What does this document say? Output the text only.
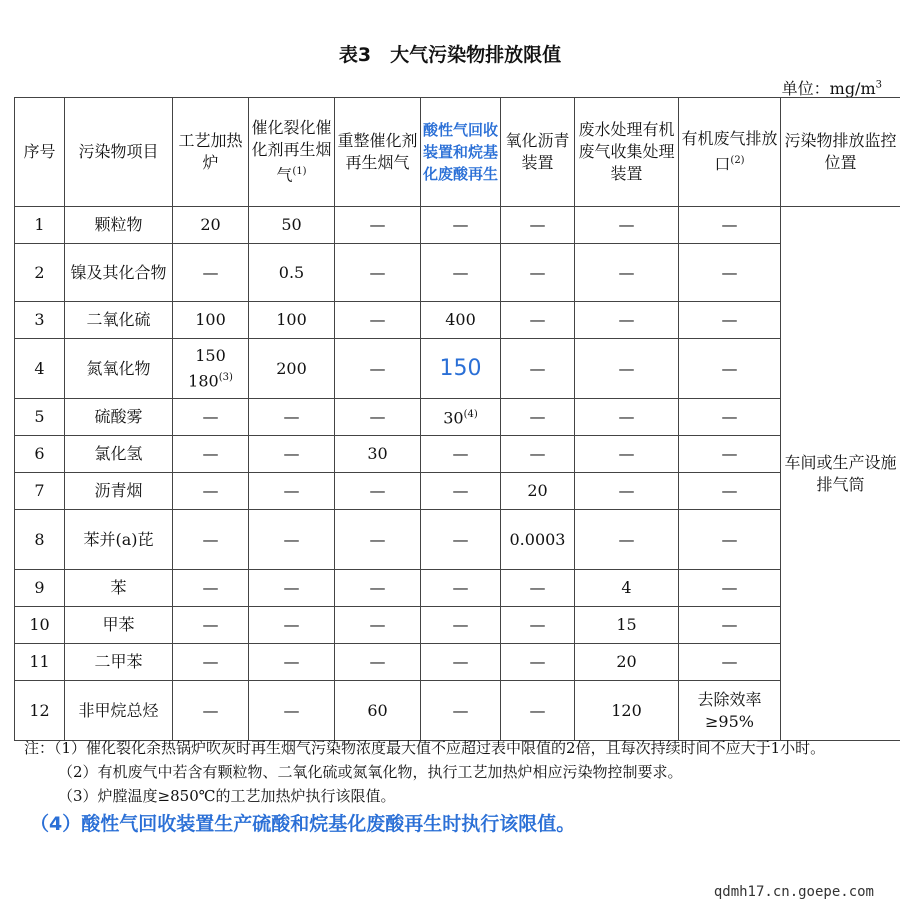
表3　大气污染物排放限值
单位：$mg/m^3$
序号	污染物项目	工艺加热炉	催化裂化催化剂再生烟气$^{(1)}$	重整催化剂再生烟气	酸性气回收装置和烷基化废酸再生	氧化沥青装置	废水处理有机废气收集处理装置	有机废气排放口$^{(2)}$	污染物排放监控位置
1	颗粒物	20	50	—	—	—	—	—	车间或生产设施排气筒
2	镍及其化合物	—	0.5	—	—	—	—	—	
3	二氧化硫	100	100	—	400	—	—	—	
4	氮氧化物	150
180$^{(3)}$	200	—	150	—	—	—	
5	硫酸雾	—	—	—	30$^{(4)}$	—	—	—	
6	氯化氢	—	—	30	—	—	—	—	
7	沥青烟	—	—	—	—	20	—	—	
8	苯并(a)芘	—	—	—	—	0.0003	—	—	
9	苯	—	—	—	—	—	4	—	
10	甲苯	—	—	—	—	—	15	—	
11	二甲苯	—	—	—	—	—	20	—	
12	非甲烷总烃	—	—	60	—	—	120	去除效率≥95%	
注：（1）催化裂化余热锅炉吹灰时再生烟气污染物浓度最大值不应超过表中限值的2倍，且每次持续时间不应大于1小时。
（2）有机废气中若含有颗粒物、二氧化硫或氮氧化物，执行工艺加热炉相应污染物控制要求。
（3）炉膛温度≥850℃的工艺加热炉执行该限值。
（4）酸性气回收装置生产硫酸和烷基化废酸再生时执行该限值。
qdmh17.cn.goepe.com
